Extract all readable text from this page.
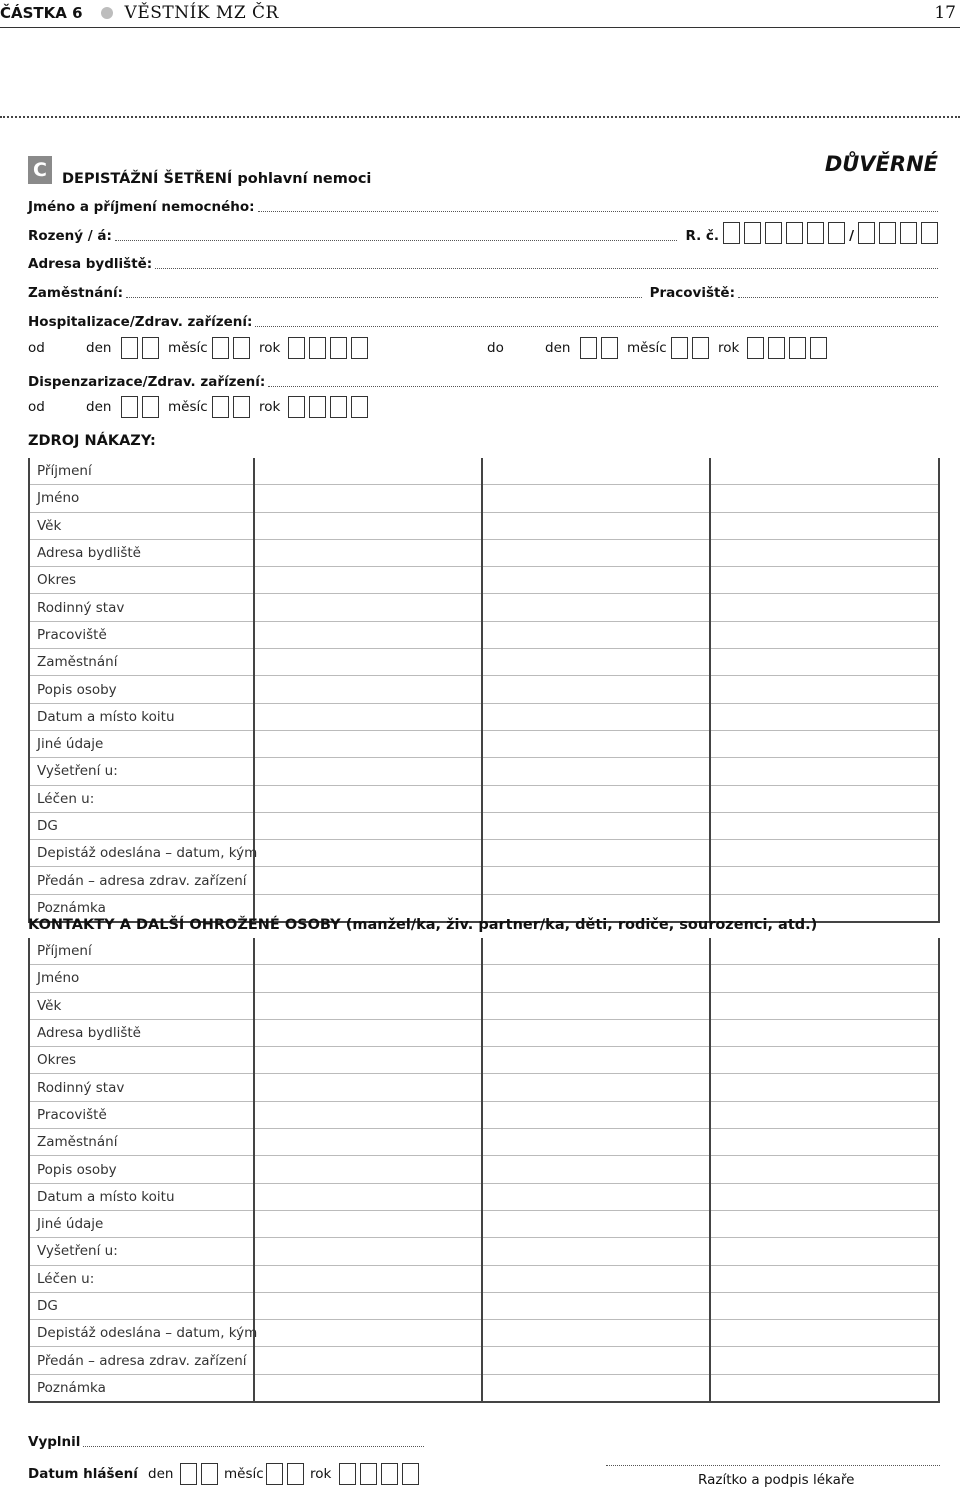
ČÁSTKA 6 VĚSTNÍK MZ ČR	17
C	DEPISTÁŽNÍ ŠETŘENÍ pohlavní nemoci
DŮVĚRNÉ
Jméno a příjmení nemocného:
Rozený / á:	R. č.	/
Adresa bydliště:
Zaměstnání:	Pracoviště:
Hospitalizace/Zdrav. zařízení:
od	den	měsíc	rok	do	den	měsíc	rok
Dispenzarizace/Zdrav. zařízení:
od	den	měsíc	rok
ZDROJ NÁKAZY:
Příjmení			
Jméno			
Věk			
Adresa bydliště			
Okres			
Rodinný stav			
Pracoviště			
Zaměstnání			
Popis osoby			
Datum a místo koitu			
Jiné údaje			
Vyšetření u:			
Léčen u:			
DG			
Depistáž odeslána – datum, kým			
Předán – adresa zdrav. zařízení			
Poznámka			
KONTAKTY A DALŠÍ OHROŽENÉ OSOBY (manžel/ka, živ. partner/ka, děti, rodiče, sourozenci, atd.)
Příjmení			
Jméno			
Věk			
Adresa bydliště			
Okres			
Rodinný stav			
Pracoviště			
Zaměstnání			
Popis osoby			
Datum a místo koitu			
Jiné údaje			
Vyšetření u:			
Léčen u:			
DG			
Depistáž odeslána – datum, kým			
Předán – adresa zdrav. zařízení			
Poznámka			
Vyplnil
Datum hlášení den	měsíc	rok	Razítko a podpis lékaře
